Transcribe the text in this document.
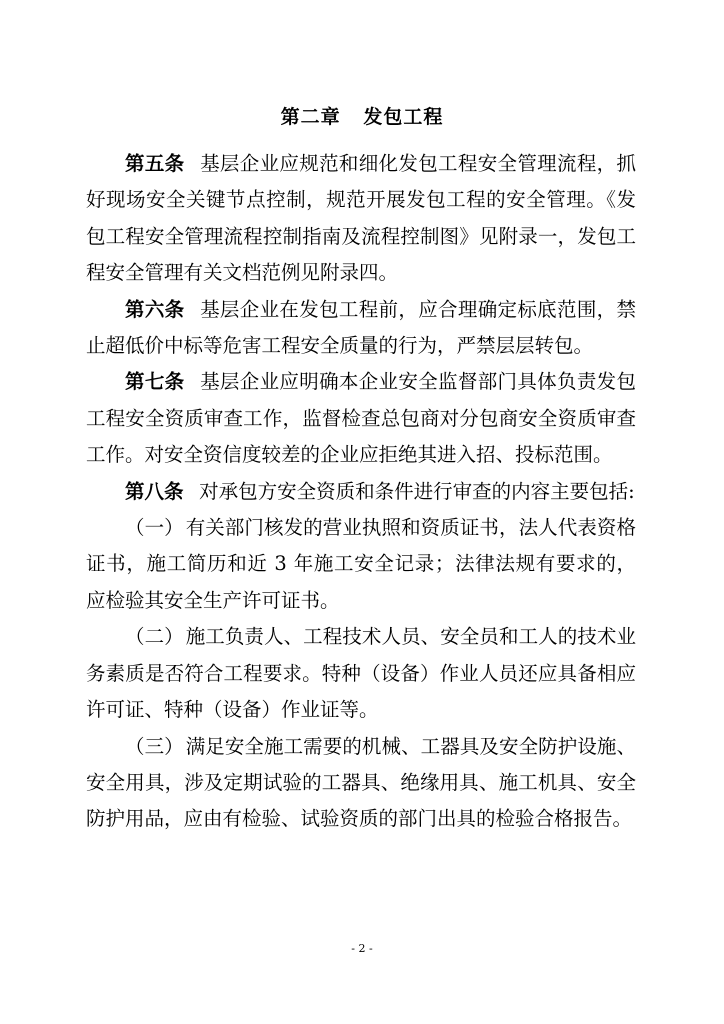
第二章   发包工程

第五条 基层企业应规范和细化发包工程安全管理流程，抓好现场安全关键节点控制，规范开展发包工程的安全管理。《发包工程安全管理流程控制指南及流程控制图》见附录一，发包工程安全管理有关文档范例见附录四。

第六条 基层企业在发包工程前，应合理确定标底范围，禁止超低价中标等危害工程安全质量的行为，严禁层层转包。

第七条 基层企业应明确本企业安全监督部门具体负责发包工程安全资质审查工作，监督检查总包商对分包商安全资质审查工作。对安全资信度较差的企业应拒绝其进入招、投标范围。

第八条 对承包方安全资质和条件进行审查的内容主要包括:

（一）有关部门核发的营业执照和资质证书，法人代表资格证书，施工简历和近 3 年施工安全记录；法律法规有要求的，应检验其安全生产许可证书。

（二）施工负责人、工程技术人员、安全员和工人的技术业务素质是否符合工程要求。特种（设备）作业人员还应具备相应许可证、特种（设备）作业证等。

（三）满足安全施工需要的机械、工器具及安全防护设施、安全用具，涉及定期试验的工器具、绝缘用具、施工机具、安全防护用品，应由有检验、试验资质的部门出具的检验合格报告。

- 2 -
